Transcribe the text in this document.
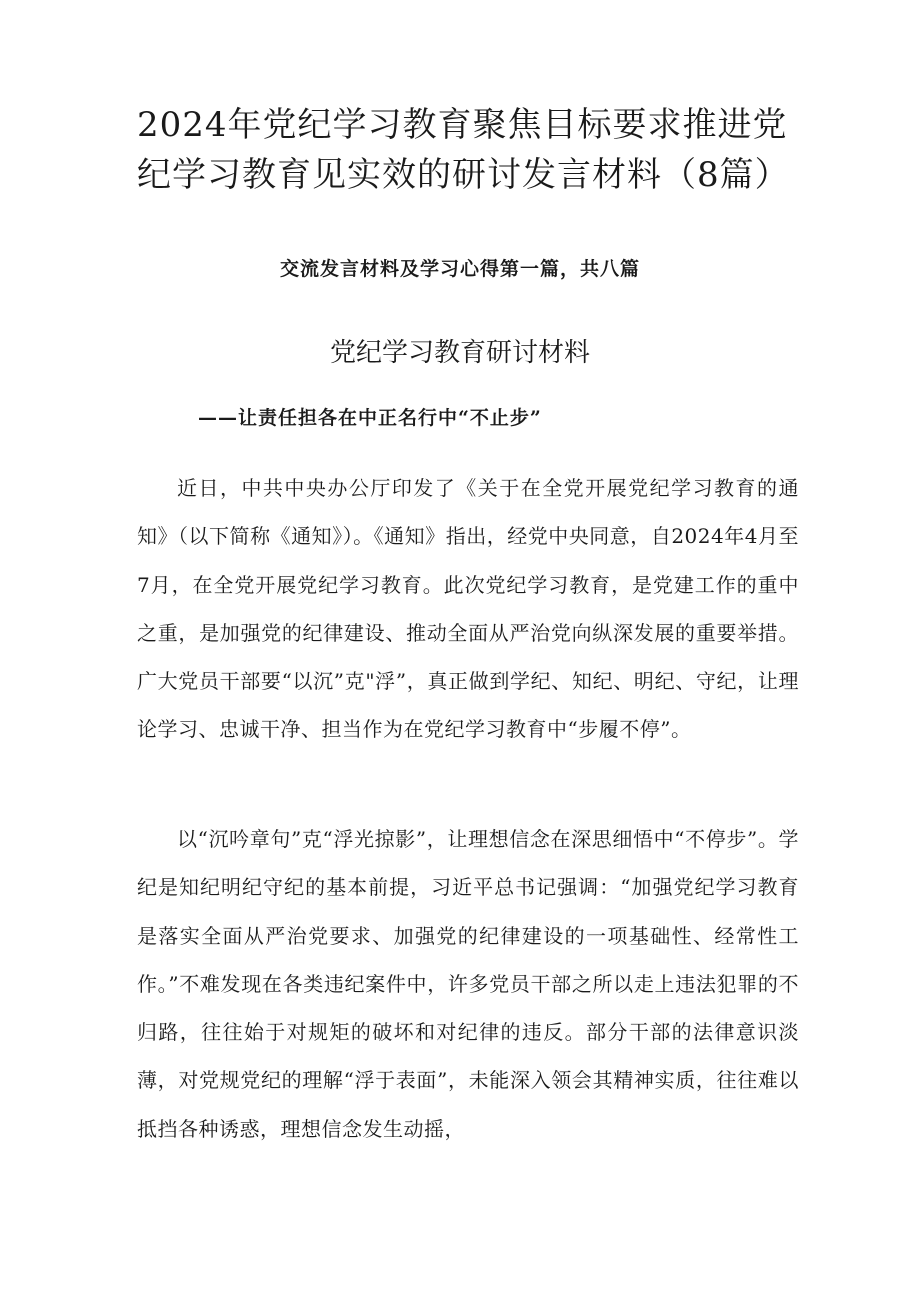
2024年党纪学习教育聚焦目标要求推进党纪学习教育见实效的研讨发言材料（8篇）
交流发言材料及学习心得第一篇，共八篇
党纪学习教育研讨材料
——让责任担各在中正名行中“不止步”

近日，中共中央办公厅印发了《关于在全党开展党纪学习教育的通知》（以下简称《通知》）。《通知》指出，经党中央同意，自2024年4月至7月，在全党开展党纪学习教育。此次党纪学习教育，是党建工作的重中之重，是加强党的纪律建设、推动全面从严治党向纵深发展的重要举措。广大党员干部要“以沉”克"浮”，真正做到学纪、知纪、明纪、守纪，让理论学习、忠诚干净、担当作为在党纪学习教育中“步履不停”。

以“沉吟章句”克“浮光掠影”，让理想信念在深思细悟中“不停步”。学纪是知纪明纪守纪的基本前提，习近平总书记强调：“加强党纪学习教育是落实全面从严治党要求、加强党的纪律建设的一项基础性、经常性工作。”不难发现在各类违纪案件中，许多党员干部之所以走上违法犯罪的不归路，往往始于对规矩的破坏和对纪律的违反。部分干部的法律意识淡薄，对党规党纪的理解“浮于表面”，未能深入领会其精神实质，往往难以抵挡各种诱惑，理想信念发生动摇，
